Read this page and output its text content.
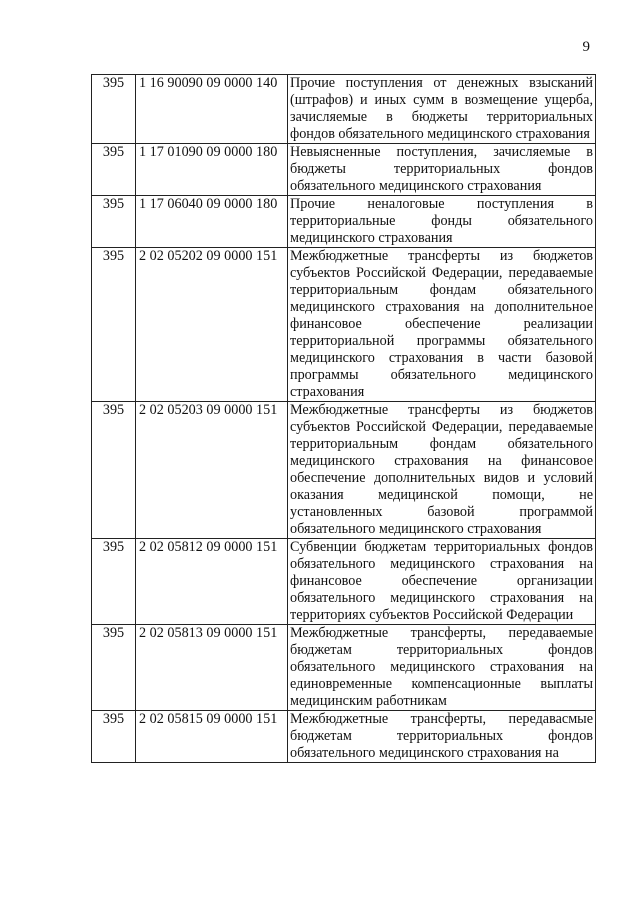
9
395	1 16 90090 09 0000 140	Прочие поступления от денежных взысканий (штрафов) и иных сумм в возмещение ущерба, зачисляемые в бюджеты территориальных фондов обязательного медицинского страхования
395	1 17 01090 09 0000 180	Невыясненные поступления, зачисляемые в бюджеты территориальных фондов обязательного медицинского страхования
395	1 17 06040 09 0000 180	Прочие неналоговые поступления в территориальные фонды обязательного медицинского страхования
395	2 02 05202 09 0000 151	Межбюджетные трансферты из бюджетов субъектов Российской Федерации, передаваемые территориальным фондам обязательного медицинского страхования на дополнительное финансовое обеспечение реализации территориальной программы обязательного медицинского страхования в части базовой программы обязательного медицинского страхования
395	2 02 05203 09 0000 151	Межбюджетные трансферты из бюджетов субъектов Российской Федерации, передаваемые территориальным фондам обязательного медицинского страхования на финансовое обеспечение дополнительных видов и условий оказания медицинской помощи, не установленных базовой программой обязательного медицинского страхования
395	2 02 05812 09 0000 151	Субвенции бюджетам территориальных фондов обязательного медицинского страхования на финансовое обеспечение организации обязательного медицинского страхования на территориях субъектов Российской Федерации
395	2 02 05813 09 0000 151	Межбюджетные трансферты, передаваемые бюджетам территориальных фондов обязательного медицинского страхования на единовременные компенсационные выплаты медицинским работникам
395	2 02 05815 09 0000 151	Межбюджетные трансферты, передавасмые бюджетам территориальных фондов обязательного медицинского страхования на
